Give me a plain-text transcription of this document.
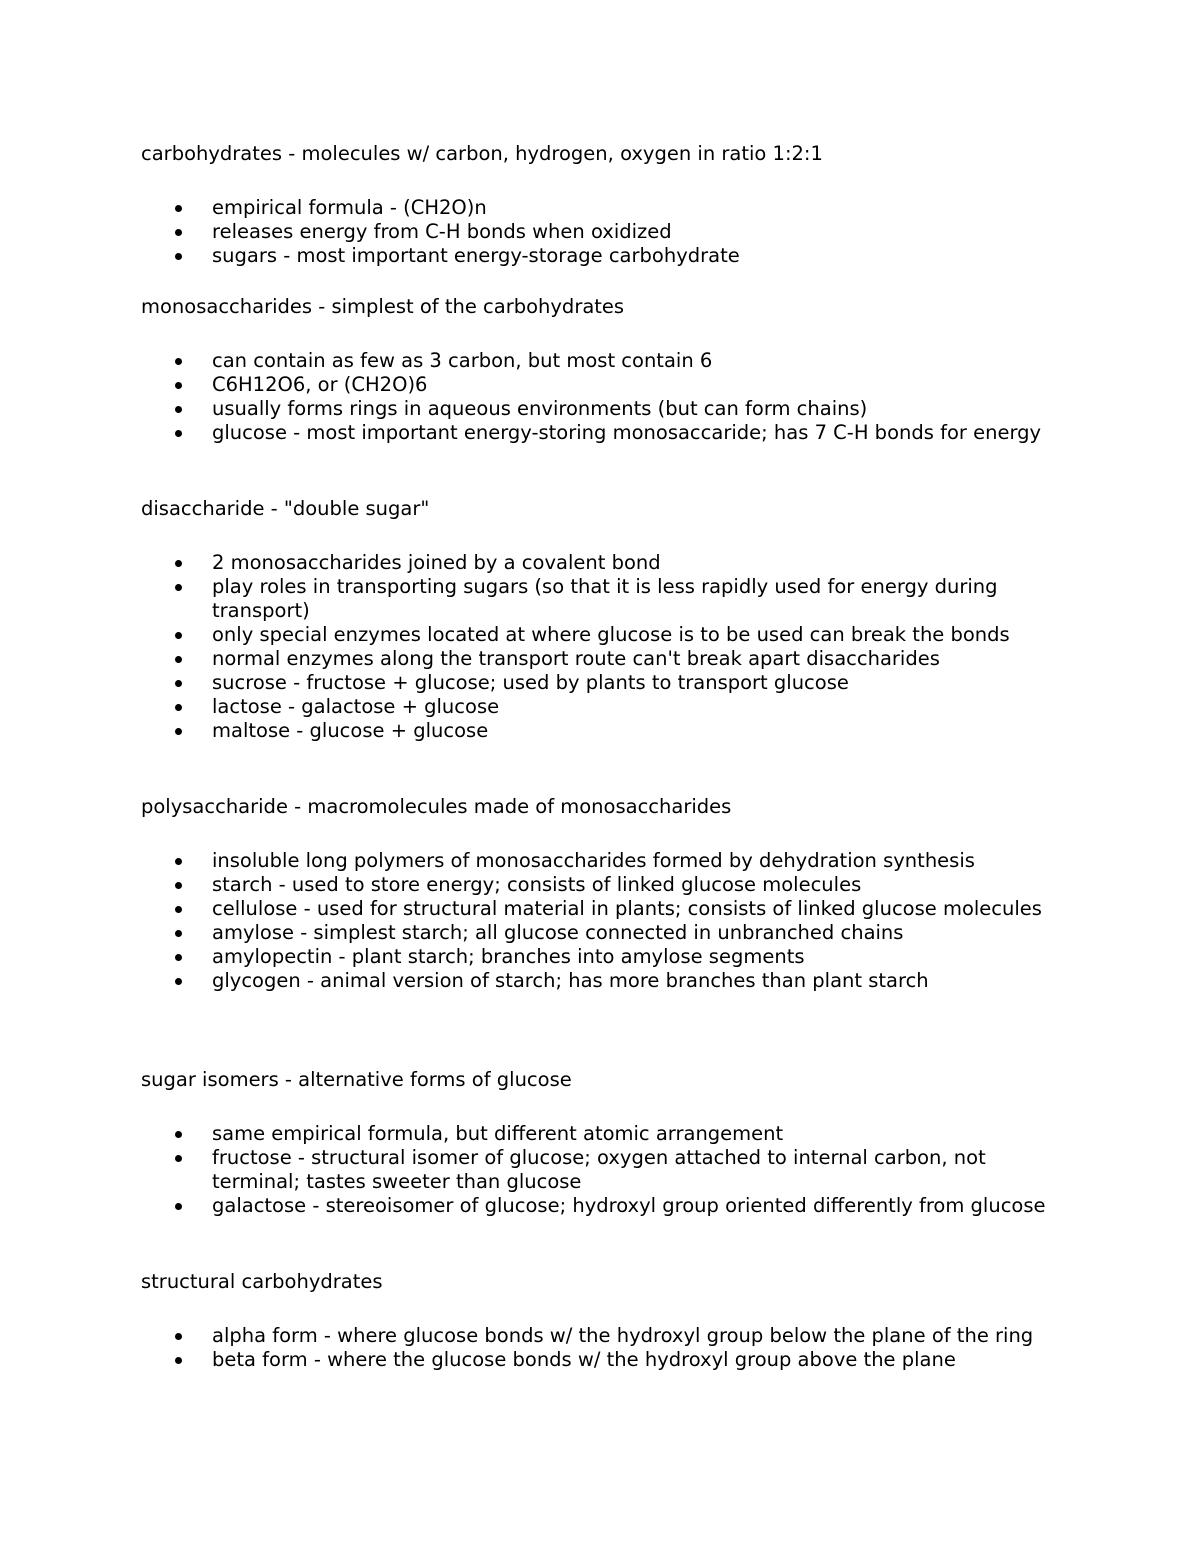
carbohydrates - molecules w/ carbon, hydrogen, oxygen in ratio 1:2:1

empirical formula - (CH2O)n
releases energy from C-H bonds when oxidized
sugars - most important energy-storage carbohydrate

monosaccharides - simplest of the carbohydrates

can contain as few as 3 carbon, but most contain 6
C6H12O6, or (CH2O)6
usually forms rings in aqueous environments (but can form chains)
glucose - most important energy-storing monosaccaride; has 7 C-H bonds for energy

disaccharide - "double sugar"

2 monosaccharides joined by a covalent bond
play roles in transporting sugars (so that it is less rapidly used for energy during transport)
only special enzymes located at where glucose is to be used can break the bonds
normal enzymes along the transport route can't break apart disaccharides
sucrose - fructose + glucose; used by plants to transport glucose
lactose - galactose + glucose
maltose - glucose + glucose

polysaccharide - macromolecules made of monosaccharides

insoluble long polymers of monosaccharides formed by dehydration synthesis
starch - used to store energy; consists of linked glucose molecules
cellulose - used for structural material in plants; consists of linked glucose molecules
amylose - simplest starch; all glucose connected in unbranched chains
amylopectin - plant starch; branches into amylose segments
glycogen - animal version of starch; has more branches than plant starch

sugar isomers - alternative forms of glucose

same empirical formula, but different atomic arrangement
fructose - structural isomer of glucose; oxygen attached to internal carbon, not terminal; tastes sweeter than glucose
galactose - stereoisomer of glucose; hydroxyl group oriented differently from glucose

structural carbohydrates

alpha form - where glucose bonds w/ the hydroxyl group below the plane of the ring
beta form - where the glucose bonds w/ the hydroxyl group above the plane
